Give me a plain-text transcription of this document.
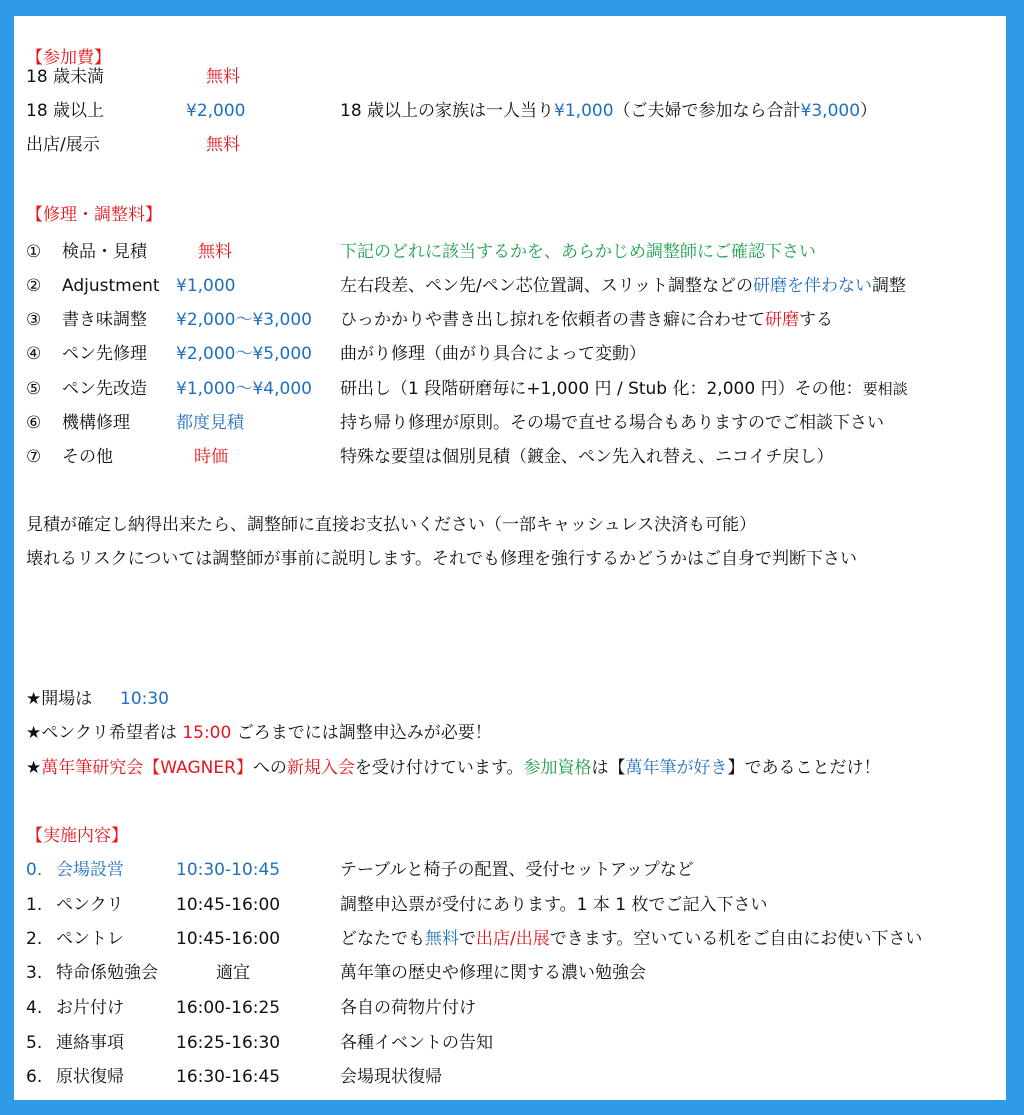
【参加費】
18 歳未満	無料
18 歳以上	¥2,000	18 歳以上の家族は一人当り¥1,000（ご夫婦で参加なら合計¥3,000）
出店/展示	無料
【修理・調整料】
① 検品・見積	無料	下記のどれに該当するかを、あらかじめ調整師にご確認下さい
② Adjustment ¥1,000	左右段差、ペン先/ペン芯位置調、スリット調整などの研磨を伴わない調整
③ 書き味調整 ¥2,000～¥3,000 ひっかかりや書き出し掠れを依頼者の書き癖に合わせて研磨する
④ ペン先修理 ¥2,000～¥5,000 曲がり修理（曲がり具合によって変動）
⑤ ペン先改造 ¥1,000～¥4,000 研出し（1 段階研磨毎に+1,000 円 / Stub 化：2,000 円）その他：要相談
⑥ 機構修理	都度見積	持ち帰り修理が原則。その場で直せる場合もありますのでご相談下さい
⑦ その他	時価	特殊な要望は個別見積（鍍金、ペン先入れ替え、ニコイチ戻し）
見積が確定し納得出来たら、調整師に直接お支払いください（一部キャッシュレス決済も可能）
壊れるリスクについては調整師が事前に説明します。それでも修理を強行するかどうかはご自身で判断下さい
★開場は 10:30
★ペンクリ希望者は 15:00 ごろまでには調整申込みが必要！
★萬年筆研究会【WAGNER】への新規入会を受け付けています。参加資格は【萬年筆が好き】であることだけ！
【実施内容】
0. 会場設営	10:30-10:45	テーブルと椅子の配置、受付セットアップなど
1. ペンクリ	10:45-16:00	調整申込票が受付にあります。1 本 1 枚でご記入下さい
2. ペントレ	10:45-16:00	どなたでも無料で出店/出展できます。空いている机をご自由にお使い下さい
3. 特命係勉強会	適宜	萬年筆の歴史や修理に関する濃い勉強会
4. お片付け	16:00-16:25	各自の荷物片付け
5. 連絡事項	16:25-16:30	各種イベントの告知
6. 原状復帰	16:30-16:45	会場現状復帰
